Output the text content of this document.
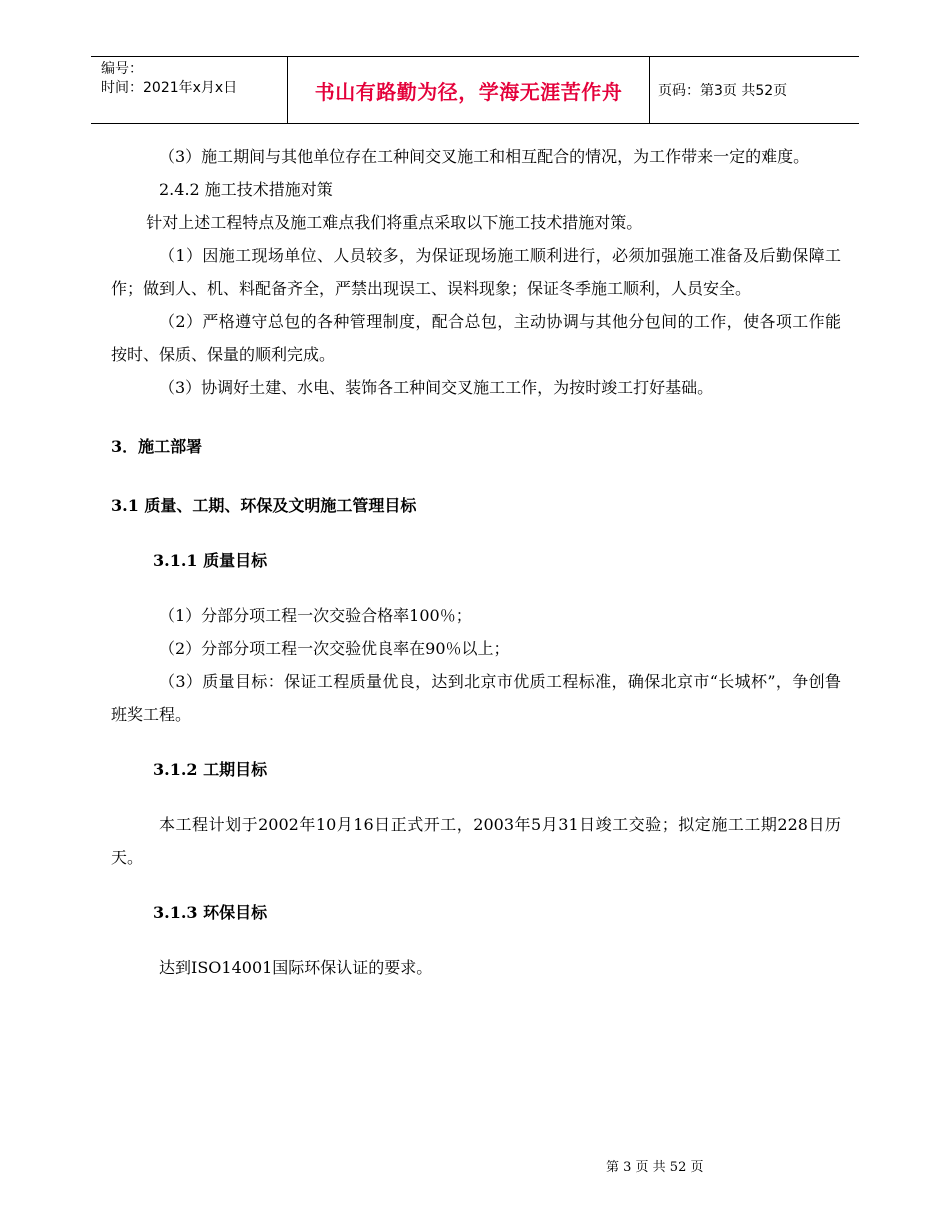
编号：
时间：2021年x月x日	书山有路勤为径，学海无涯苦作舟	页码：第3页 共52页

（3）施工期间与其他单位存在工种间交叉施工和相互配合的情况，为工作带来一定的难度。

2.4.2 施工技术措施对策

针对上述工程特点及施工难点我们将重点采取以下施工技术措施对策。

（1）因施工现场单位、人员较多，为保证现场施工顺利进行，必须加强施工准备及后勤保障工作；做到人、机、料配备齐全，严禁出现误工、误料现象；保证冬季施工顺利，人员安全。

（2）严格遵守总包的各种管理制度，配合总包，主动协调与其他分包间的工作，使各项工作能按时、保质、保量的顺利完成。

（3）协调好土建、水电、装饰各工种间交叉施工工作，为按时竣工打好基础。

3．施工部署

3.1 质量、工期、环保及文明施工管理目标

3.1.1 质量目标

（1）分部分项工程一次交验合格率100％；

（2）分部分项工程一次交验优良率在90％以上；

（3）质量目标：保证工程质量优良，达到北京市优质工程标准，确保北京市“长城杯”，争创鲁班奖工程。

3.1.2 工期目标

本工程计划于2002年10月16日正式开工，2003年5月31日竣工交验；拟定施工工期228日历天。

3.1.3 环保目标

达到ISO14001国际环保认证的要求。

第 3 页 共 52 页
